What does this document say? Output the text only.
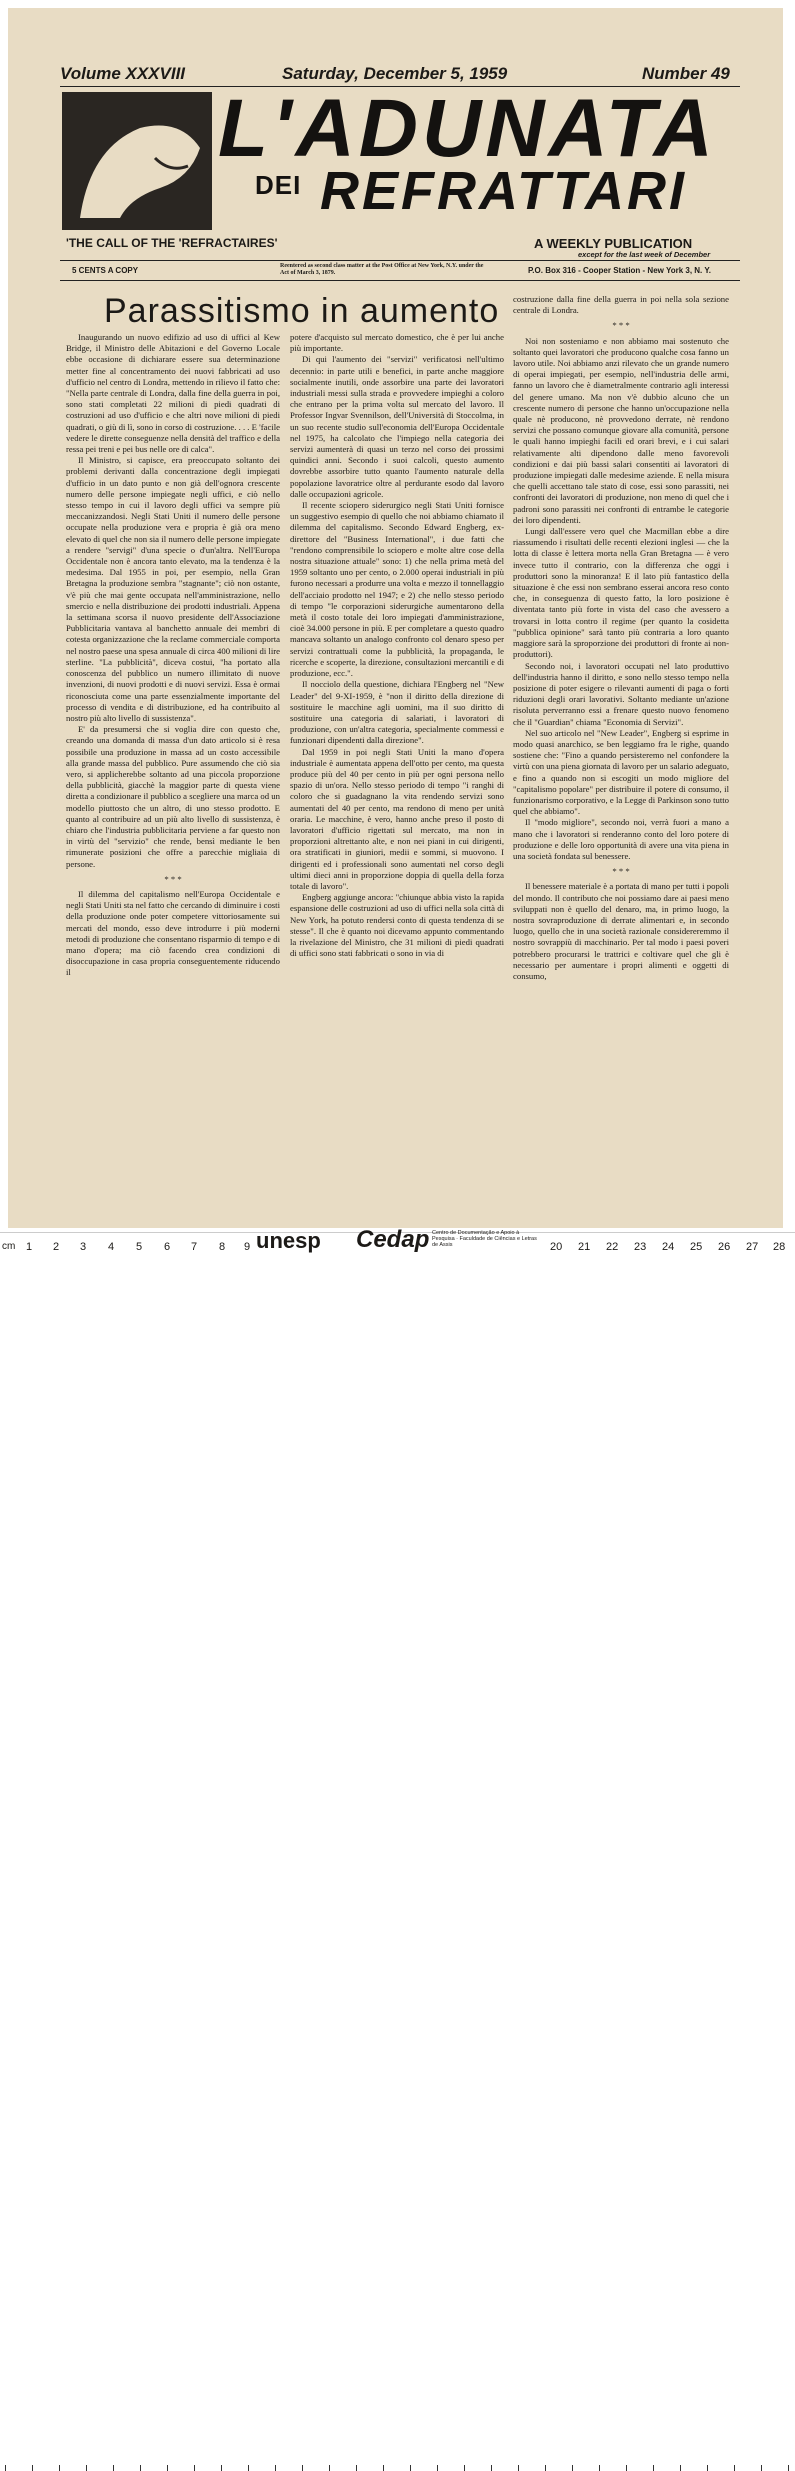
Volume XXXVIII	Saturday, December 5, 1959	Number 49
L'ADUNATA
DEI REFRATTARI
'THE CALL OF THE 'REFRACTAIRES'	A WEEKLY PUBLICATION
except for the last week of December
5 CENTS A COPY	Reentered as second class matter at the Post Office at New York, N.Y. under the Act of March 3, 1879.	P.O. Box 316 - Cooper Station - New York 3, N. Y.
Parassitismo in aumento

Inaugurando un nuovo edifizio ad uso di uffici al Kew Bridge, il Ministro delle Abitazioni e del Governo Locale ebbe occasione di dichiarare essere sua determinazione metter fine al concentramento dei nuovi fabbricati ad uso d'ufficio nel centro di Londra, mettendo in rilievo il fatto che: "Nella parte centrale di Londra, dalla fine della guerra in poi, sono stati completati 22 milioni di piedi quadrati di costruzioni ad uso d'ufficio e che altri nove milioni di piedi quadrati, o giù di lì, sono in corso di costruzione. . . . E 'facile vedere le dirette conseguenze nella densità del traffico e della ressa pei treni e pei bus nelle ore di calca".

Il Ministro, si capisce, era preoccupato soltanto dei problemi derivanti dalla concentrazione degli impiegati d'ufficio in un dato punto e non già dell'ognora crescente numero delle persone impiegate negli uffici, e ciò nello stesso tempo in cui il lavoro degli uffici va sempre più meccanizzandosi. Negli Stati Uniti il numero delle persone occupate nella produzione vera e propria è già ora meno elevato di quel che non sia il numero delle persone impiegate a rendere "servigi" d'una specie o d'un'altra. Nell'Europa Occidentale non è ancora tanto elevato, ma la tendenza è la medesima. Dal 1955 in poi, per esempio, nella Gran Bretagna la produzione sembra "stagnante"; ciò non ostante, v'è più che mai gente occupata nell'amministrazione, nello smercio e nella distribuzione dei prodotti industriali. Appena la settimana scorsa il nuovo presidente dell'Associazione Pubblicitaria vantava al banchetto annuale dei membri di cotesta organizzazione che la reclame commerciale comporta nel nostro paese una spesa annuale di circa 400 milioni di lire sterline. "La pubblicità", diceva costui, "ha portato alla conoscenza del pubblico un numero illimitato di nuove invenzioni, di nuovi prodotti e di nuovi servizi. Essa è ormai riconosciuta come una parte essenzialmente importante del processo di vendita e di distribuzione, ed ha contribuito al nostro più alto livello di sussistenza".

E' da presumersi che si voglia dire con questo che, creando una domanda di massa d'un dato articolo si è resa possibile una produzione in massa ad un costo accessibile alla grande massa del pubblico. Pure assumendo che ciò sia vero, si applicherebbe soltanto ad una piccola proporzione della pubblicità, giacchè la maggior parte di questa viene diretta a condizionare il pubblico a scegliere una marca od un modello piuttosto che un altro, di uno stesso prodotto. E quanto al contribuire ad un più alto livello di sussistenza, è chiaro che l'industria pubblicitaria perviene a far questo non in virtù del "servizio" che rende, bensì mediante le ben rimunerate posizioni che offre a parecchie migliaia di persone.

* * *

Il dilemma del capitalismo nell'Europa Occidentale e negli Stati Uniti sta nel fatto che cercando di diminuire i costi della produzione onde poter competere vittoriosamente sui mercati del mondo, esso deve introdurre i più moderni metodi di produzione che consentano risparmio di tempo e di mano d'opera; ma ciò facendo crea condizioni di disoccupazione in casa propria conseguentemente riducendo il

potere d'acquisto sul mercato domestico, che è per lui anche più importante.

Di qui l'aumento dei "servizi" verificatosi nell'ultimo decennio: in parte utili e benefici, in parte anche maggiore socialmente inutili, onde assorbire una parte dei lavoratori industriali messi sulla strada e provvedere impieghi a coloro che entrano per la prima volta sul mercato del lavoro. Il Professor Ingvar Svennilson, dell'Università di Stoccolma, in un suo recente studio sull'economia dell'Europa Occidentale nel 1975, ha calcolato che l'impiego nella categoria dei servizi aumenterà di quasi un terzo nel corso dei prossimi quindici anni. Secondo i suoi calcoli, questo aumento dovrebbe assorbire tutto quanto l'aumento naturale della popolazione lavoratrice oltre al perdurante esodo dal lavoro dalle occupazioni agricole.

Il recente sciopero siderurgico negli Stati Uniti fornisce un suggestivo esempio di quello che noi abbiamo chiamato il dilemma del capitalismo. Secondo Edward Engberg, ex-direttore del "Business International", i due fatti che "rendono comprensibile lo sciopero e molte altre cose della nostra situazione attuale" sono: 1) che nella prima metà del 1959 soltanto uno per cento, o 2.000 operai industriali in più furono necessari a produrre una volta e mezzo il tonnellaggio dell'acciaio prodotto nel 1947; e 2) che nello stesso periodo di tempo "le corporazioni siderurgiche aumentarono della metà il costo totale dei loro impiegati d'amministrazione, cioè 34.000 persone in più. E per completare a questo quadro mancava soltanto un analogo confronto col denaro speso per servizi contrattuali come la pubblicità, la propaganda, le ricerche e scoperte, la direzione, consultazioni mercantili e di produzione, ecc.".

Il nocciolo della questione, dichiara l'Engberg nel "New Leader" del 9-XI-1959, è "non il diritto della direzione di sostituire le macchine agli uomini, ma il suo diritto di sostituire una categoria di salariati, i lavoratori di produzione, con un'altra categoria, specialmente commessi e funzionari dipendenti dalla direzione".

Dal 1959 in poi negli Stati Uniti la mano d'opera industriale è aumentata appena dell'otto per cento, ma questa produce più del 40 per cento in più per ogni persona nello spazio di un'ora. Nello stesso periodo di tempo "i ranghi di coloro che si guadagnano la vita rendendo servizi sono aumentati del 40 per cento, ma rendono di meno per unità oraria. Le macchine, è vero, hanno anche preso il posto di lavoratori d'ufficio rigettati sul mercato, ma non in proporzioni altrettanto alte, e non nei piani in cui dirigenti, ora stratificati in giuniori, medii e sommi, si muovono. I dirigenti ed i professionali sono aumentati nel corso degli ultimi dieci anni in proporzione doppia di quella della forza totale di lavoro".

Engberg aggiunge ancora: "chiunque abbia visto la rapida espansione delle costruzioni ad uso di uffici nella sola città di New York, ha potuto rendersi conto di questa tendenza di se stesse". Il che è quanto noi dicevamo appunto commentando la rivelazione del Ministro, che 31 milioni di piedi quadrati di uffici sono stati fabbricati o sono in via di

costruzione dalla fine della guerra in poi nella sola sezione centrale di Londra.

* * *

Noi non sosteniamo e non abbiamo mai sostenuto che soltanto quei lavoratori che producono qualche cosa fanno un lavoro utile. Noi abbiamo anzi rilevato che un grande numero di operai impiegati, per esempio, nell'industria delle armi, fanno un lavoro che è diametralmente contrario agli interessi del genere umano. Ma non v'è dubbio alcuno che un crescente numero di persone che hanno un'occupazione nella quale nè producono, nè provvedono derrate, nè rendono servizi che possano comunque giovare alla comunità, persone le quali hanno impieghi facili ed orari brevi, e i cui salari relativamente alti dipendono dalle meno favorevoli condizioni e dai più bassi salari consentiti ai lavoratori di produzione impiegati dalle medesime aziende. E nella misura che quelli accettano tale stato di cose, essi sono parassiti, nei confronti dei lavoratori di produzione, non meno di quel che i padroni sono parassiti nei confronti di entrambe le categorie dei loro dipendenti.

Lungi dall'essere vero quel che Macmillan ebbe a dire riassumendo i risultati delle recenti elezioni inglesi — che la lotta di classe è lettera morta nella Gran Bretagna — è vero invece tutto il contrario, con la differenza che oggi i produttori sono la minoranza! E il lato più fantastico della situazione è che essi non sembrano esserai ancora reso conto che, in conseguenza di questo fatto, la loro posizione è diventata tanto più forte in vista del caso che avessero a trovarsi in lotta contro il regime (per quanto la cosidetta "pubblica opinione" sarà tanto più contraria a loro quanto maggiore sarà la sproporzione dei produttori di fronte ai non-produttori).

Secondo noi, i lavoratori occupati nel lato produttivo dell'industria hanno il diritto, e sono nello stesso tempo nella posizione di poter esigere o rilevanti aumenti di paga o forti riduzioni degli orari lavorativi. Soltanto mediante un'azione risoluta perverranno essi a frenare questo nuovo fenomeno che il "Guardian" chiama "Economia di Servizi".

Nel suo articolo nel "New Leader", Engberg si esprime in modo quasi anarchico, se ben leggiamo fra le righe, quando sostiene che: "Fino a quando persisteremo nel confondere la virtù con una piena giornata di lavoro per un salario adeguato, e fino a quando non si escogiti un modo migliore del "capitalismo popolare" per distribuire il potere di consumo, il funzionarismo corporativo, e la Legge di Parkinson sono tutto quel che abbiamo".

Il "modo migliore", secondo noi, verrà fuori a mano a mano che i lavoratori si renderanno conto del loro potere di produzione e delle loro opportunità di avere una vita piena in una società fondata sul benessere.

* * *

Il benessere materiale è a portata di mano per tutti i popoli del mondo. Il contributo che noi possiamo dare ai paesi meno sviluppati non è quello del denaro, ma, in primo luogo, la nostra sovraproduzione di derrate alimentari e, in secondo luogo, quello che in una società razionale considereremmo il nostro sovrappiù di macchinario. Per tal modo i paesi poveri potrebbero procurarsi le trattrici e coltivare quel che gli è necessario per aumentare i propri alimenti e oggetti di consumo,

cm 1 2 3 4 5 6 7 8 9	20 21 22 23 24 25 26 27 28
unesp Cedap Centro de Documentação e Apoio à Pesquisa · Faculdade de Ciências e Letras de Assis
